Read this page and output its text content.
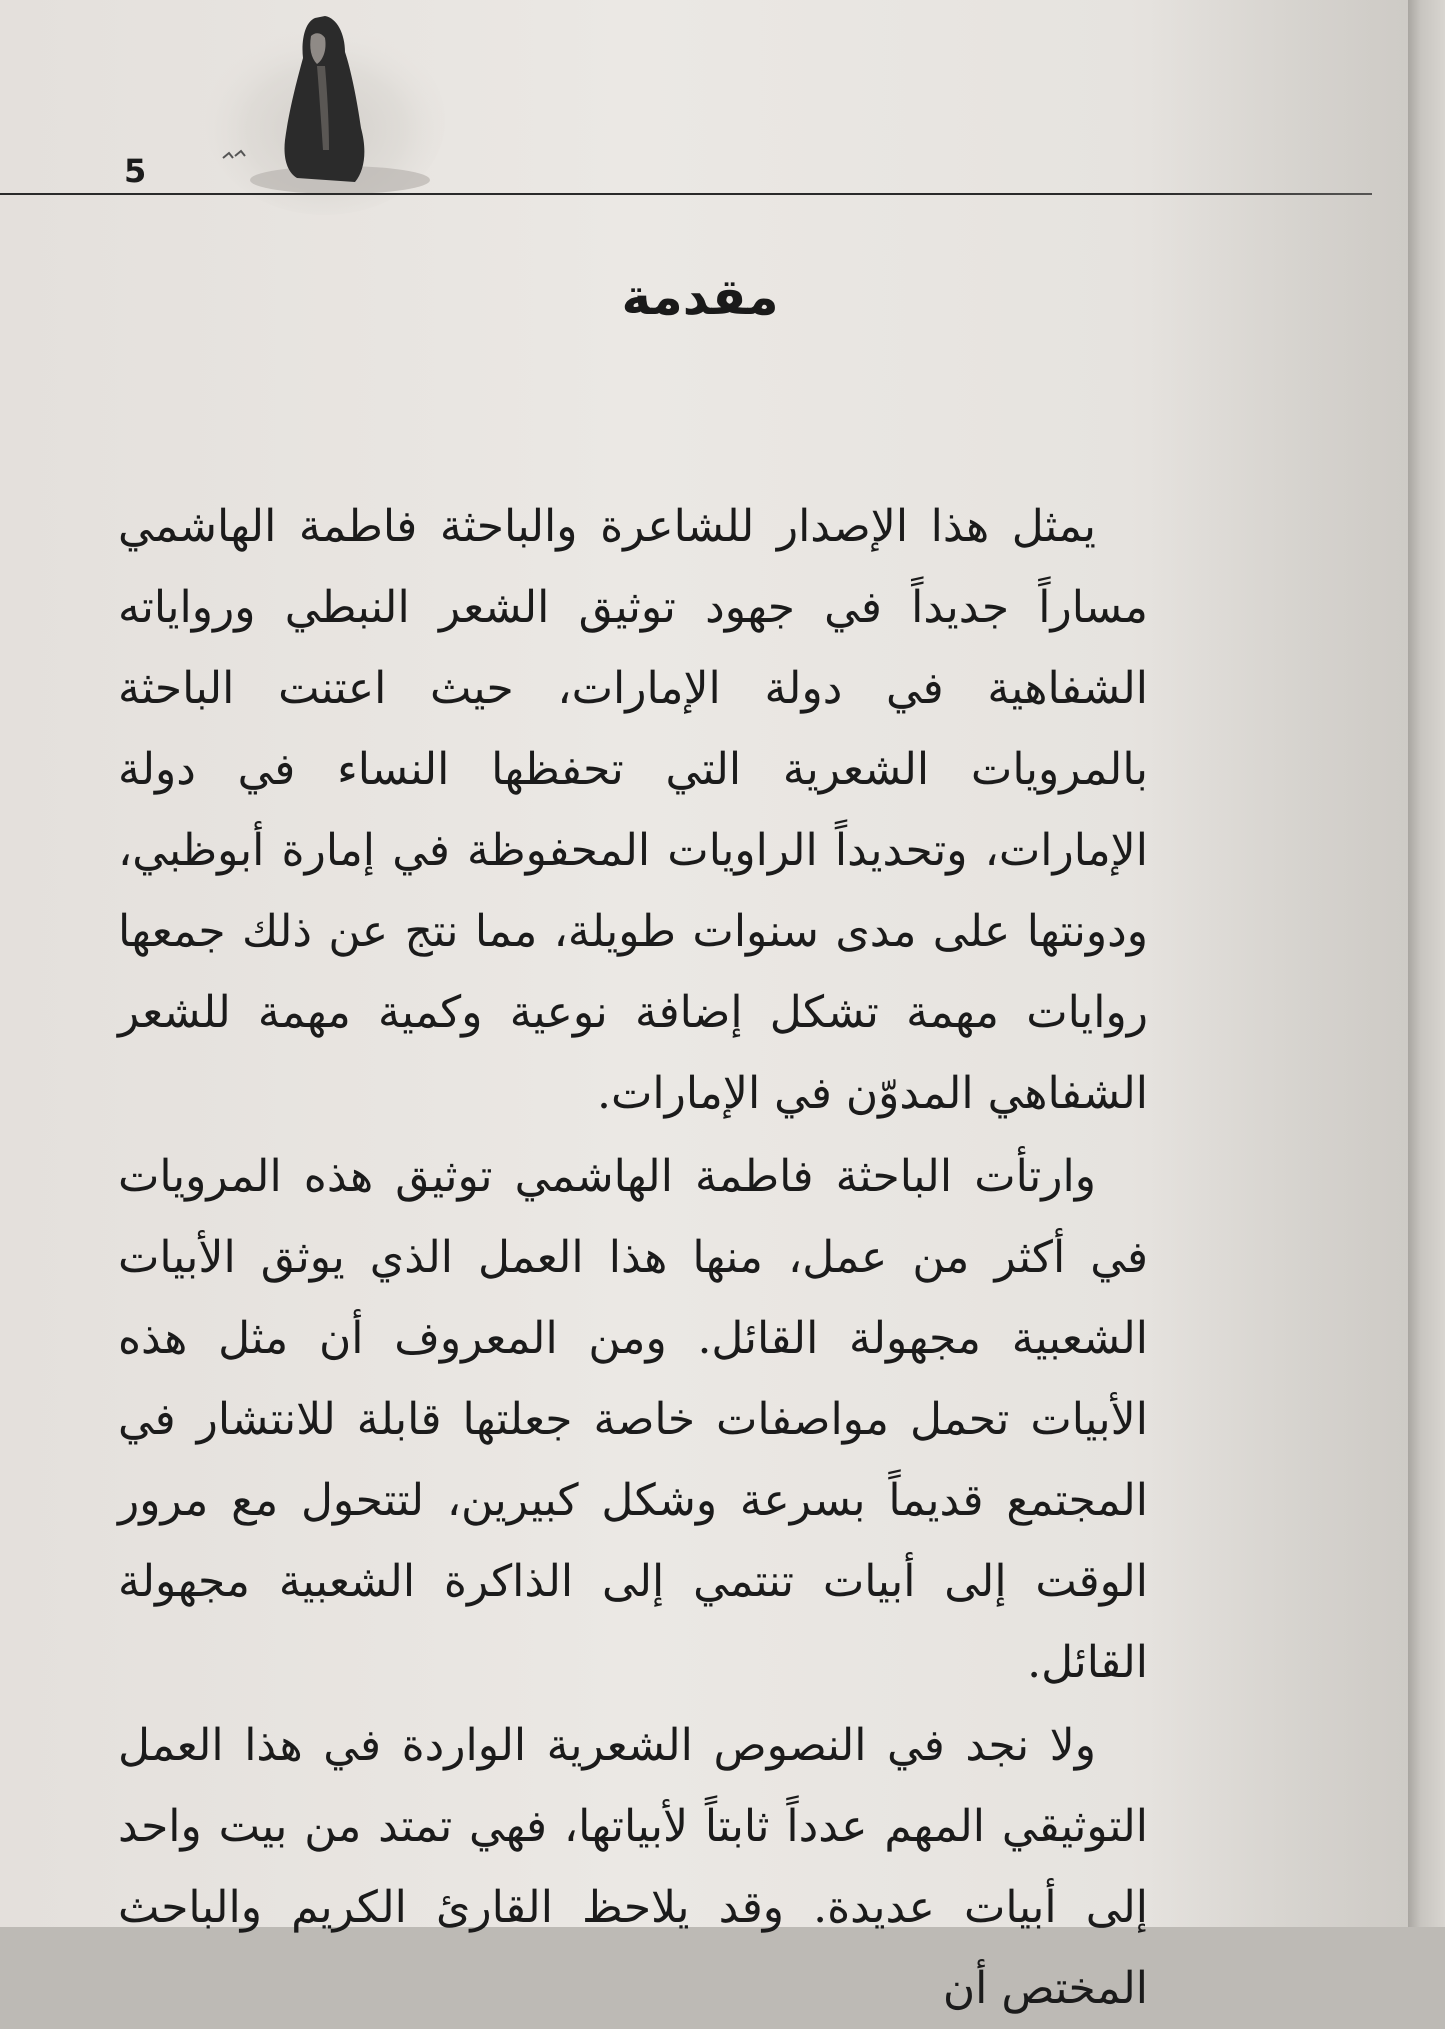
5
مقدمة

يمثل هذا الإصدار للشاعرة والباحثة فاطمة الهاشمي مساراً جديداً في جهود توثيق الشعر النبطي ورواياته الشفاهية في دولة الإمارات، حيث اعتنت الباحثة بالمرويات الشعرية التي تحفظها النساء في دولة الإمارات، وتحديداً الراويات المحفوظة في إمارة أبوظبي، ودونتها على مدى سنوات طويلة، مما نتج عن ذلك جمعها روايات مهمة تشكل إضافة نوعية وكمية مهمة للشعر الشفاهي المدوّن في الإمارات.

وارتأت الباحثة فاطمة الهاشمي توثيق هذه المرويات في أكثر من عمل، منها هذا العمل الذي يوثق الأبيات الشعبية مجهولة القائل. ومن المعروف أن مثل هذه الأبيات تحمل مواصفات خاصة جعلتها قابلة للانتشار في المجتمع قديماً بسرعة وشكل كبيرين، لتتحول مع مرور الوقت إلى أبيات تنتمي إلى الذاكرة الشعبية مجهولة القائل.

ولا نجد في النصوص الشعرية الواردة في هذا العمل التوثيقي المهم عدداً ثابتاً لأبياتها، فهي تمتد من بيت واحد إلى أبيات عديدة. وقد يلاحظ القارئ الكريم والباحث المختص أن
